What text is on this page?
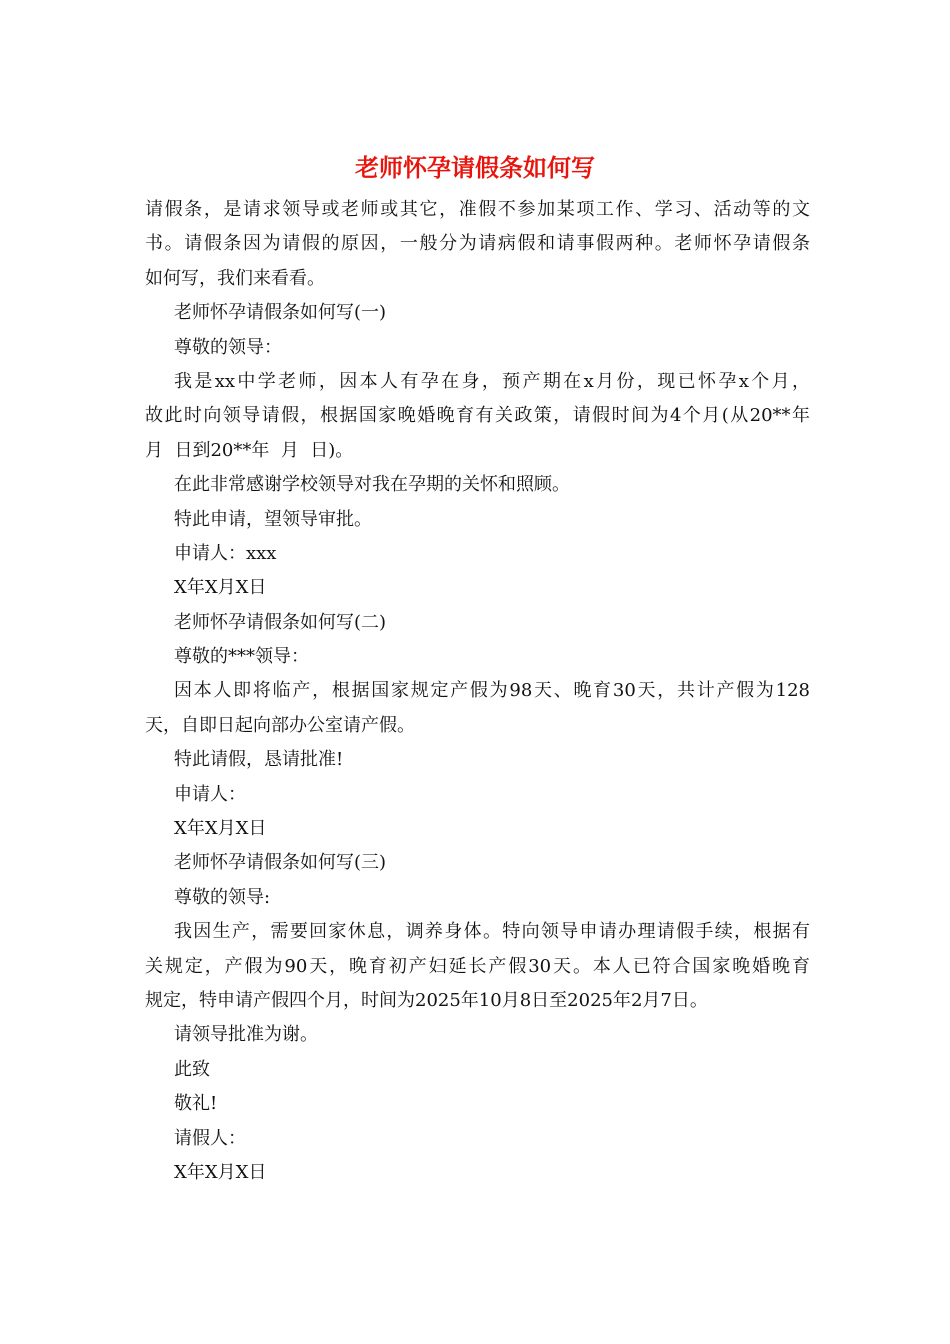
老师怀孕请假条如何写
请假条，是请求领导或老师或其它，准假不参加某项工作、学习、活动等的文
书。请假条因为请假的原因，一般分为请病假和请事假两种。老师怀孕请假条
如何写，我们来看看。
老师怀孕请假条如何写(一)
尊敬的领导：
我是xx中学老师，因本人有孕在身，预产期在x月份，现已怀孕x个月，
故此时向领导请假，根据国家晚婚晚育有关政策，请假时间为4个月(从20**年
月  日到20**年  月  日)。
在此非常感谢学校领导对我在孕期的关怀和照顾。
特此申请，望领导审批。
申请人：xxx
X年X月X日
老师怀孕请假条如何写(二)
尊敬的***领导：
因本人即将临产，根据国家规定产假为98天、晚育30天，共计产假为128
天，自即日起向部办公室请产假。
特此请假，恳请批准!
申请人：
X年X月X日
老师怀孕请假条如何写(三)
尊敬的领导:
我因生产，需要回家休息，调养身体。特向领导申请办理请假手续，根据有
关规定，产假为90天，晚育初产妇延长产假30天。本人已符合国家晚婚晚育
规定，特申请产假四个月，时间为2025年10月8日至2025年2月7日。
请领导批准为谢。
此致
敬礼!
请假人：
X年X月X日
